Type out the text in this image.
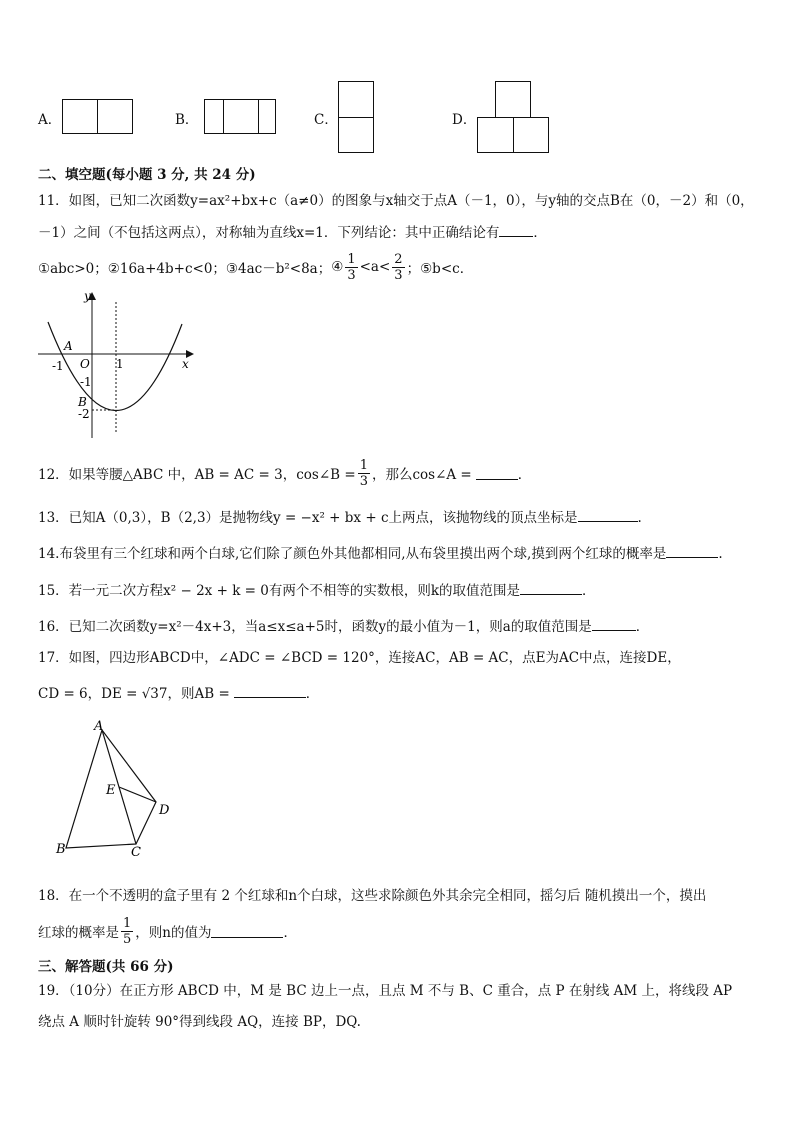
A．	B．	C．	D．
二、填空题(每小题 3 分, 共 24 分)
11．如图，已知二次函数y=ax²+bx+c（a≠0）的图象与x轴交于点A（－1，0），与y轴的交点B在（0，－2）和（0，
－1）之间（不包括这两点），对称轴为直线x=1．下列结论：其中正确结论有	．
①abc>0； ②16a+4b+c<0； ③4ac－b²<8a； ④ $\frac{1}{3} <a< \frac{2}{3}$ ； ⑤b<c．
y
x
A
O
-1	1
-1
B
-2
12．如果等腰△ABC 中，AB = AC = 3，cos∠B = $\frac{1}{3}$ ，那么cos∠A =	．
13．已知A（0,3），B（2,3）是抛物线y = −x² + bx + c上两点，该抛物线的顶点坐标是	.
14.布袋里有三个红球和两个白球,它们除了颜色外其他都相同,从布袋里摸出两个球,摸到两个红球的概率是	.
15．若一元二次方程x² − 2x + k = 0有两个不相等的实数根，则k的取值范围是	．
16．已知二次函数y=x²－4x+3，当a≤x≤a+5时，函数y的最小值为－1，则a的取值范围是	．
17．如图，四边形ABCD中，∠ADC = ∠BCD = 120°，连接AC，AB = AC，点E为AC中点，连接DE，
CD = 6，DE = √37，则AB =	．
A
E
D
B	C
18．在一个不透明的盒子里有 2 个红球和n个白球，这些求除颜色外其余完全相同，摇匀后 随机摸出一个，摸出
红球的概率是 $\frac{1}{5}$ ，则n的值为	．
三、解答题(共 66 分)
19．（10分）在正方形 ABCD 中，M 是 BC 边上一点，且点 M 不与 B、C 重合，点 P 在射线 AM 上，将线段 AP
绕点 A 顺时针旋转 90°得到线段 AQ，连接 BP，DQ.
